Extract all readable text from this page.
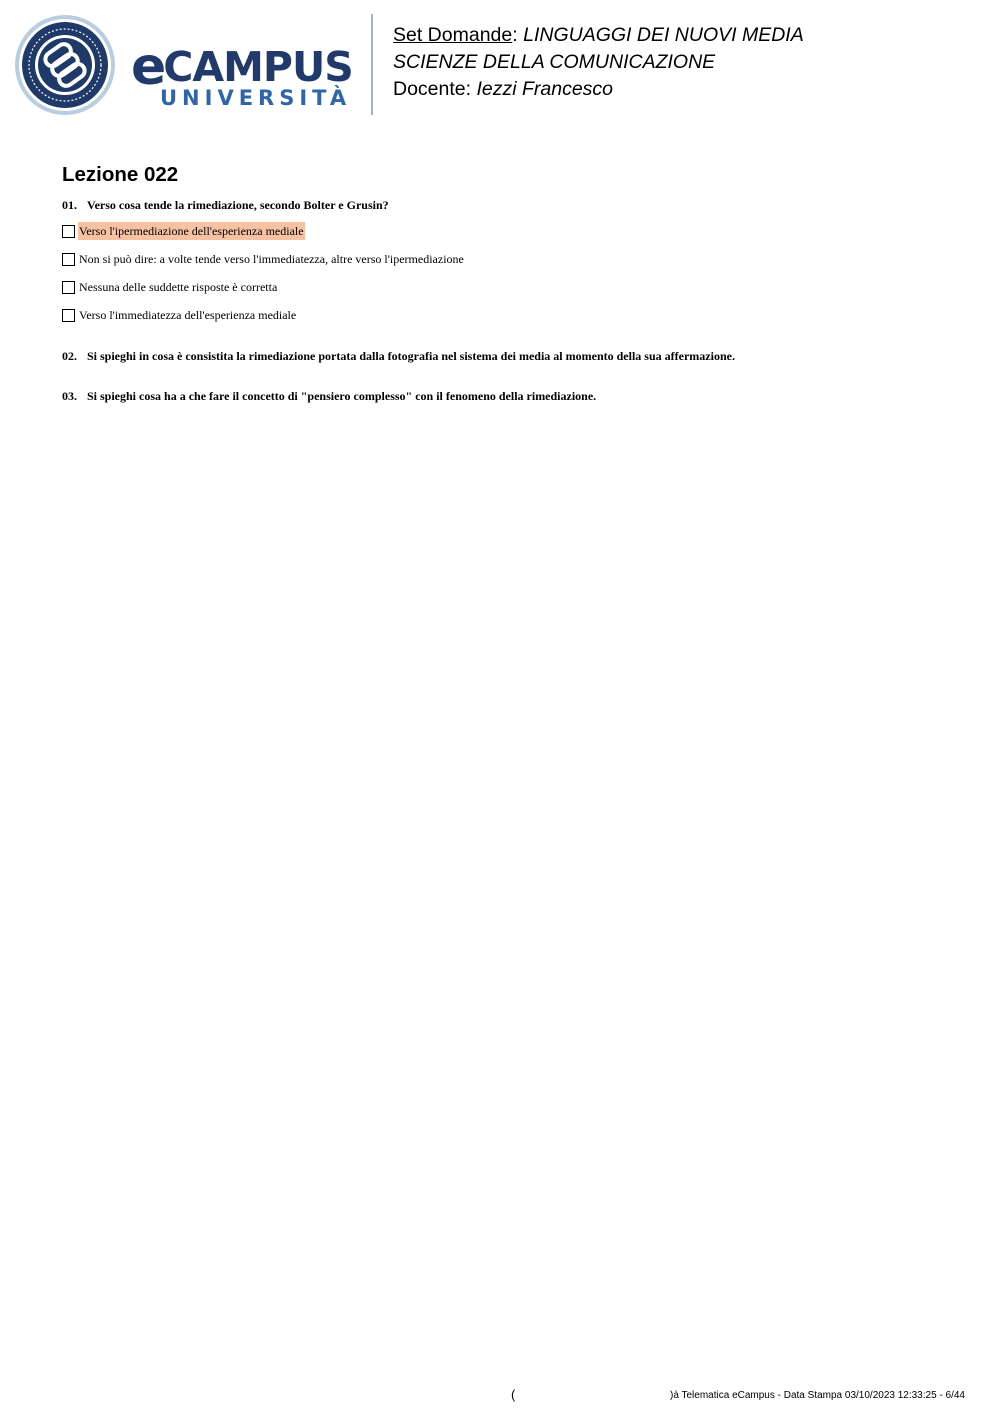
eCAMPUS
UNIVERSITÀ
Set Domande: LINGUAGGI DEI NUOVI MEDIA
SCIENZE DELLA COMUNICAZIONE
Docente: Iezzi Francesco
Lezione 022
01. Verso cosa tende la rimediazione, secondo Bolter e Grusin?
Verso l'ipermediazione dell'esperienza mediale
Non si può dire: a volte tende verso l'immediatezza, altre verso l'ipermediazione
Nessuna delle suddette risposte è corretta
Verso l'immediatezza dell'esperienza mediale
02. Si spieghi in cosa è consistita la rimediazione portata dalla fotografia nel sistema dei media al momento della sua affermazione.
03. Si spieghi cosa ha a che fare il concetto di "pensiero complesso" con il fenomeno della rimediazione.
(	)à Telematica eCampus - Data Stampa 03/10/2023 12:33:25 - 6/44
